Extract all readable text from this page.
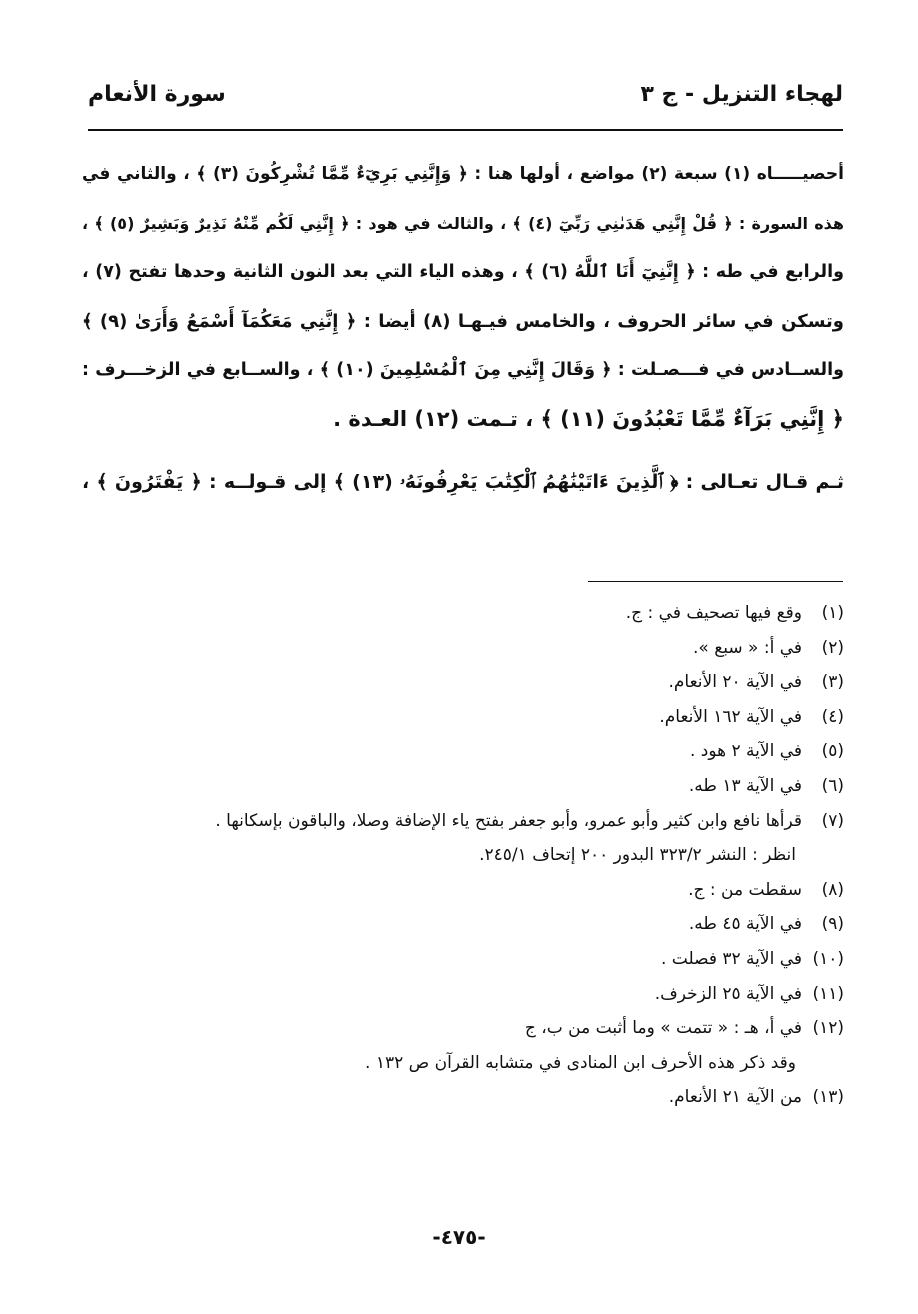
لهجاء التنزيل - ج ٣
سورة الأنعام
أحصيـــــاه (١) سبعة (٢) مواضع ، أولها هنا : ﴿ وَإِنَّنِي بَرِيٓءٌ مِّمَّا تُشْرِكُونَ (٣) ﴾ ، والثاني في
هذه السورة : ﴿ قُلْ إِنَّنِي هَدَىٰنِي رَبِّيٓ (٤) ﴾ ، والثالث في هود : ﴿ إِنَّنِي لَكُم مِّنْهُ نَذِيرٌ وَبَشِيرٌ (٥) ﴾ ،
والرابع في طه : ﴿ إِنَّنِيٓ أَنَا ٱللَّهُ (٦) ﴾ ، وهذه الياء التي بعد النون الثانية وحدها تفتح (٧) ،
وتسكن في سائر الحروف ، والخامس فيـهـا (٨) أيضا : ﴿ إِنَّنِي مَعَكُمَآ أَسْمَعُ وَأَرَىٰ (٩) ﴾
والســادس في فـــصـلت : ﴿ وَقَالَ إِنَّنِي مِنَ ٱلْمُسْلِمِينَ (١٠) ﴾ ، والســابع في الزخـــرف :
﴿ إِنَّنِي بَرَآءٌ مِّمَّا تَعْبُدُونَ (١١) ﴾ ، تـمت (١٢) العـدة .
ثـم قـال تعـالى : ﴿ ٱلَّذِينَ ءَاتَيْنَٰهُمُ ٱلْكِتَٰبَ يَعْرِفُونَهُۥ (١٣) ﴾ إلى قـولــه : ﴿ يَفْتَرُونَ ﴾ ،
(١)وقع فيها تصحيف في : ج.
(٢)في أ: « سبع ».
(٣)في الآية ٢٠ الأنعام.
(٤)في الآية ١٦٢ الأنعام.
(٥)في الآية ٢ هود .
(٦)في الآية ١٣ طه.
(٧)قرأها نافع وابن كثير وأبو عمرو، وأبو جعفر بفتح ياء الإضافة وصلا، والباقون بإسكانها .
انظر : النشر ٣٢٣/٢ البدور ٢٠٠ إتحاف ٢٤٥/١.
(٨)سقطت من : ج.
(٩)في الآية ٤٥ طه.
(١٠)في الآية ٣٢ فصلت .
(١١)في الآية ٢٥ الزخرف.
(١٢)في أ، هـ : « تتمت » وما أثبت من ب، ج
وقد ذكر هذه الأحرف ابن المنادى في متشابه القرآن ص ١٣٢ .
(١٣)من الآية ٢١ الأنعام.
-٤٧٥-
